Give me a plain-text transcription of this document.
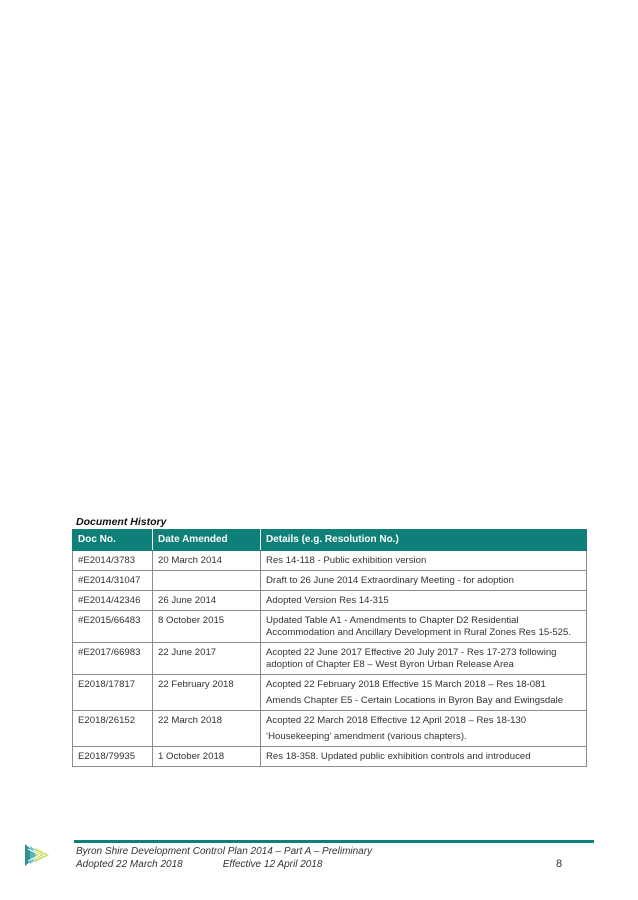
Document History
Doc No.	Date Amended	Details (e.g. Resolution No.)
#E2014/3783	20 March 2014	Res 14-118 - Public exhibition version

#E2014/31047		Draft to 26 June 2014 Extraordinary Meeting - for adoption

#E2014/42346	26 June 2014	Adopted Version Res 14-315

#E2015/66483	8 October 2015	Updated Table A1 - Amendments to Chapter D2 Residential Accommodation and Ancillary Development in Rural Zones Res 15-525.

#E2017/66983	22 June 2017	Acopted 22 June 2017 Effective 20 July 2017 - Res 17-273 following adoption of Chapter E8 – West Byron Urban Release Area

E2018/17817	22 February 2018	Acopted 22 February 2018 Effective 15 March 2018 – Res 18-081
Amends Chapter E5 - Certain Locations in Byron Bay and Ewingsdale

E2018/26152	22 March 2018	Acopted 22 March 2018 Effective 12 April 2018 – Res 18-130
‘Housekeeping’ amendment (various chapters).

E2018/79935	1 October 2018	Res 18-358. Updated public exhibition controls and introduced
Byron Shire Development Control Plan 2014 – Part A – Preliminary
Adopted 22 March 2018	Effective 12 April 2018	8
